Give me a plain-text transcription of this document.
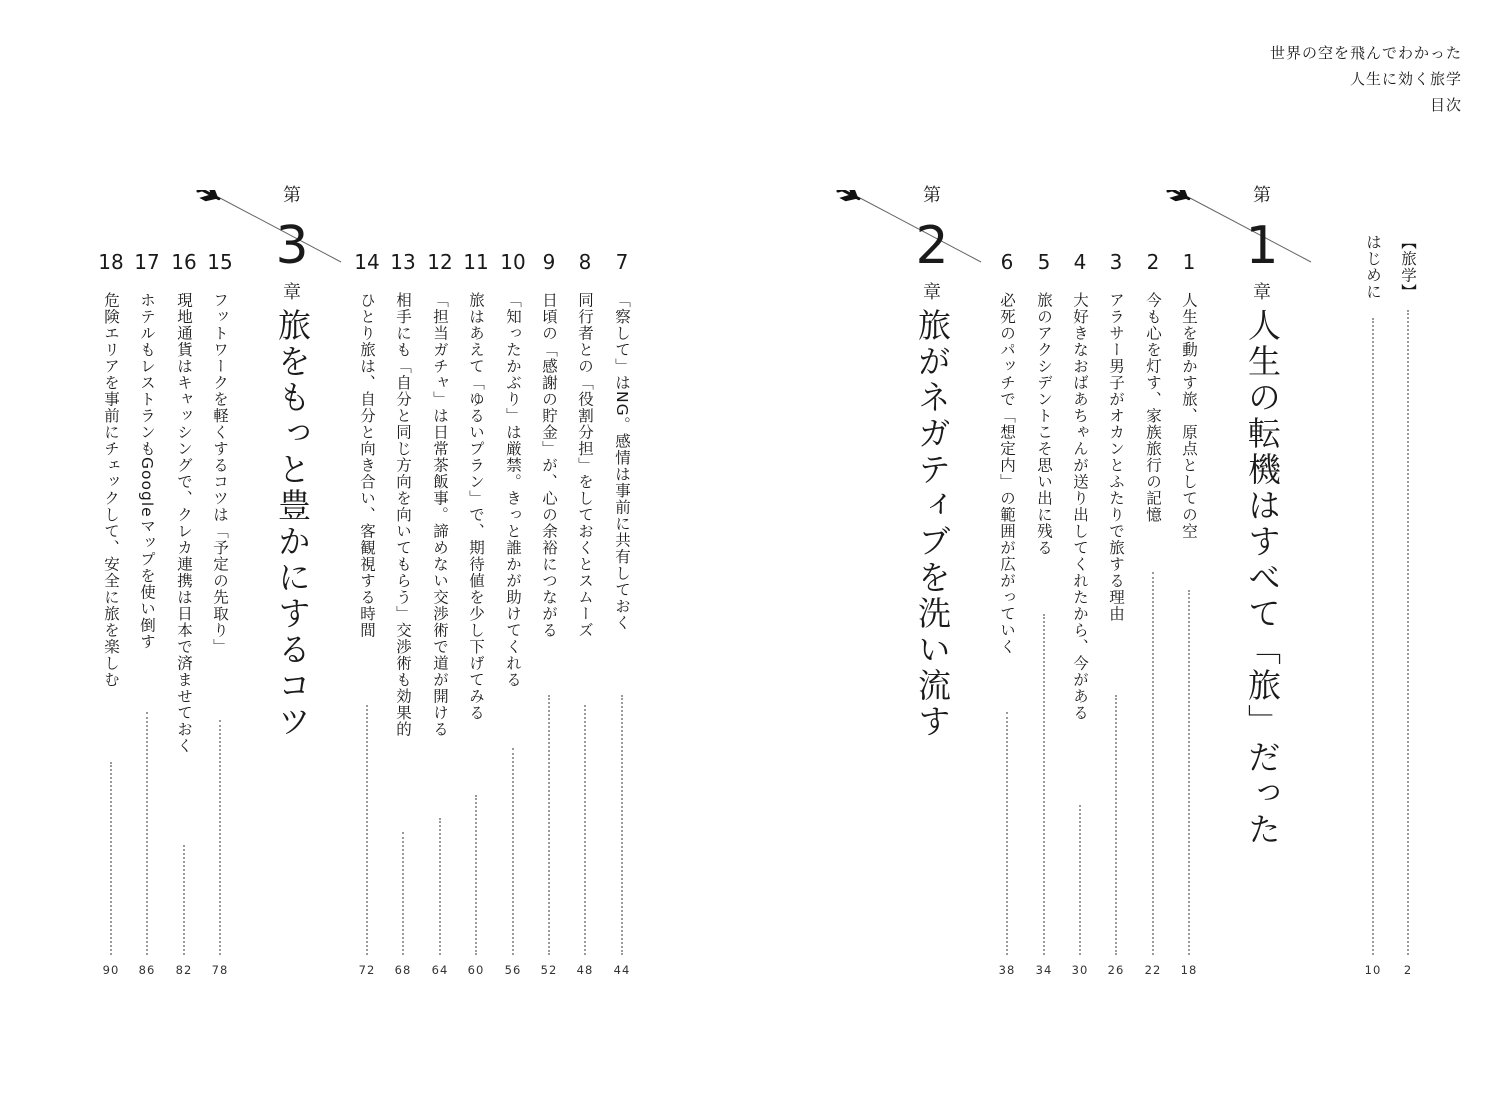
世界の空を飛んでわかった
人生に効く旅学
目次
【旅学】
2
はじめに
10
第
1
章
人生の転機はすべて「旅」だった
1
人生を動かす旅、原点としての空
18
2
今も心を灯す、家族旅行の記憶
22
3
アラサー男子がオカンとふたりで旅する理由
26
4
大好きなおばあちゃんが送り出してくれたから、今がある
30
5
旅のアクシデントこそ思い出に残る
34
6
必死のパッチで「想定内」の範囲が広がっていく
38
第
2
章
旅がネガティブを洗い流す
7
「察して」はNG。感情は事前に共有しておく
44
8
同行者との「役割分担」をしておくとスムーズ
48
9
日頃の「感謝の貯金」が、心の余裕につながる
52
10
「知ったかぶり」は厳禁。きっと誰かが助けてくれる
56
11
旅はあえて「ゆるいプラン」で、期待値を少し下げてみる
60
12
「担当ガチャ」は日常茶飯事。諦めない交渉術で道が開ける
64
13
相手にも「自分と同じ方向を向いてもらう」交渉術も効果的
68
14
ひとり旅は、自分と向き合い、客観視する時間
72
第
3
章
旅をもっと豊かにするコツ
15
フットワークを軽くするコツは「予定の先取り」
78
16
現地通貨はキャッシングで、クレカ連携は日本で済ませておく
82
17
ホテルもレストランもGoogleマップを使い倒す
86
18
危険エリアを事前にチェックして、安全に旅を楽しむ
90
